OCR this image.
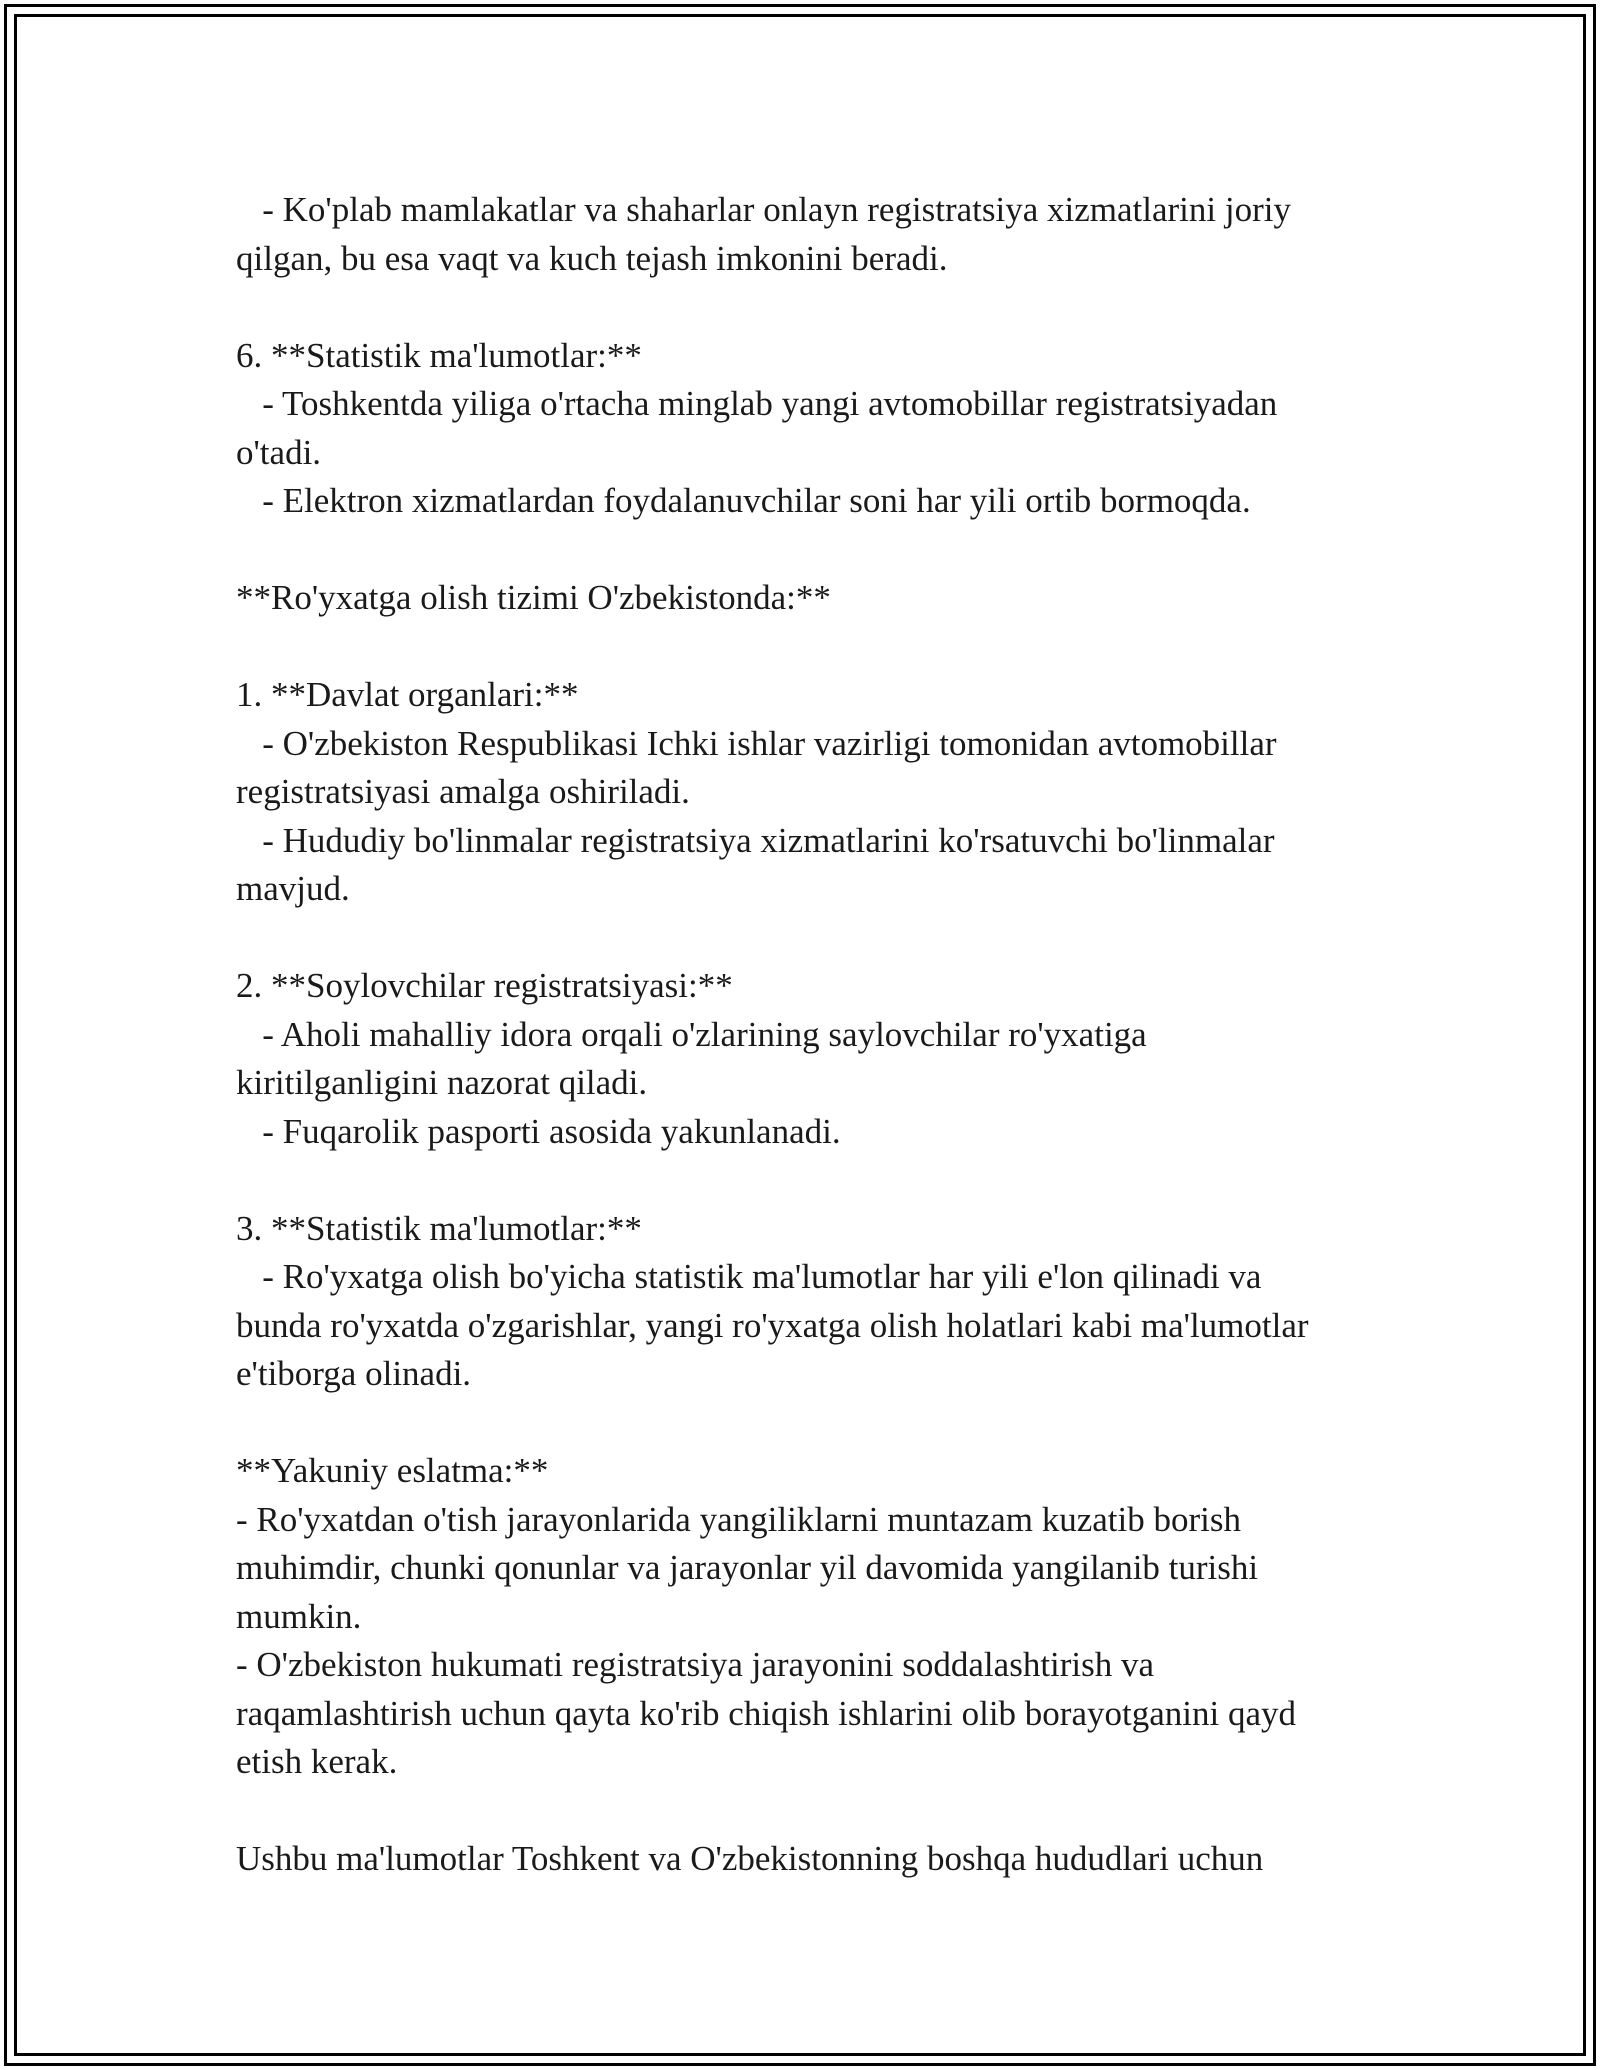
- Ko'plab mamlakatlar va shaharlar onlayn registratsiya xizmatlarini joriy
qilgan, bu esa vaqt va kuch tejash imkonini beradi.
6. **Statistik ma'lumotlar:**
- Toshkentda yiliga o'rtacha minglab yangi avtomobillar registratsiyadan
o'tadi.
- Elektron xizmatlardan foydalanuvchilar soni har yili ortib bormoqda.
**Ro'yxatga olish tizimi O'zbekistonda:**
1. **Davlat organlari:**
- O'zbekiston Respublikasi Ichki ishlar vazirligi tomonidan avtomobillar
registratsiyasi amalga oshiriladi.
- Hududiy bo'linmalar registratsiya xizmatlarini ko'rsatuvchi bo'linmalar
mavjud.
2. **Soylovchilar registratsiyasi:**
- Aholi mahalliy idora orqali o'zlarining saylovchilar ro'yxatiga
kiritilganligini nazorat qiladi.
- Fuqarolik pasporti asosida yakunlanadi.
3. **Statistik ma'lumotlar:**
- Ro'yxatga olish bo'yicha statistik ma'lumotlar har yili e'lon qilinadi va
bunda ro'yxatda o'zgarishlar, yangi ro'yxatga olish holatlari kabi ma'lumotlar
e'tiborga olinadi.
**Yakuniy eslatma:**
- Ro'yxatdan o'tish jarayonlarida yangiliklarni muntazam kuzatib borish
muhimdir, chunki qonunlar va jarayonlar yil davomida yangilanib turishi
mumkin.
- O'zbekiston hukumati registratsiya jarayonini soddalashtirish va
raqamlashtirish uchun qayta ko'rib chiqish ishlarini olib borayotganini qayd
etish kerak.
Ushbu ma'lumotlar Toshkent va O'zbekistonning boshqa hududlari uchun
